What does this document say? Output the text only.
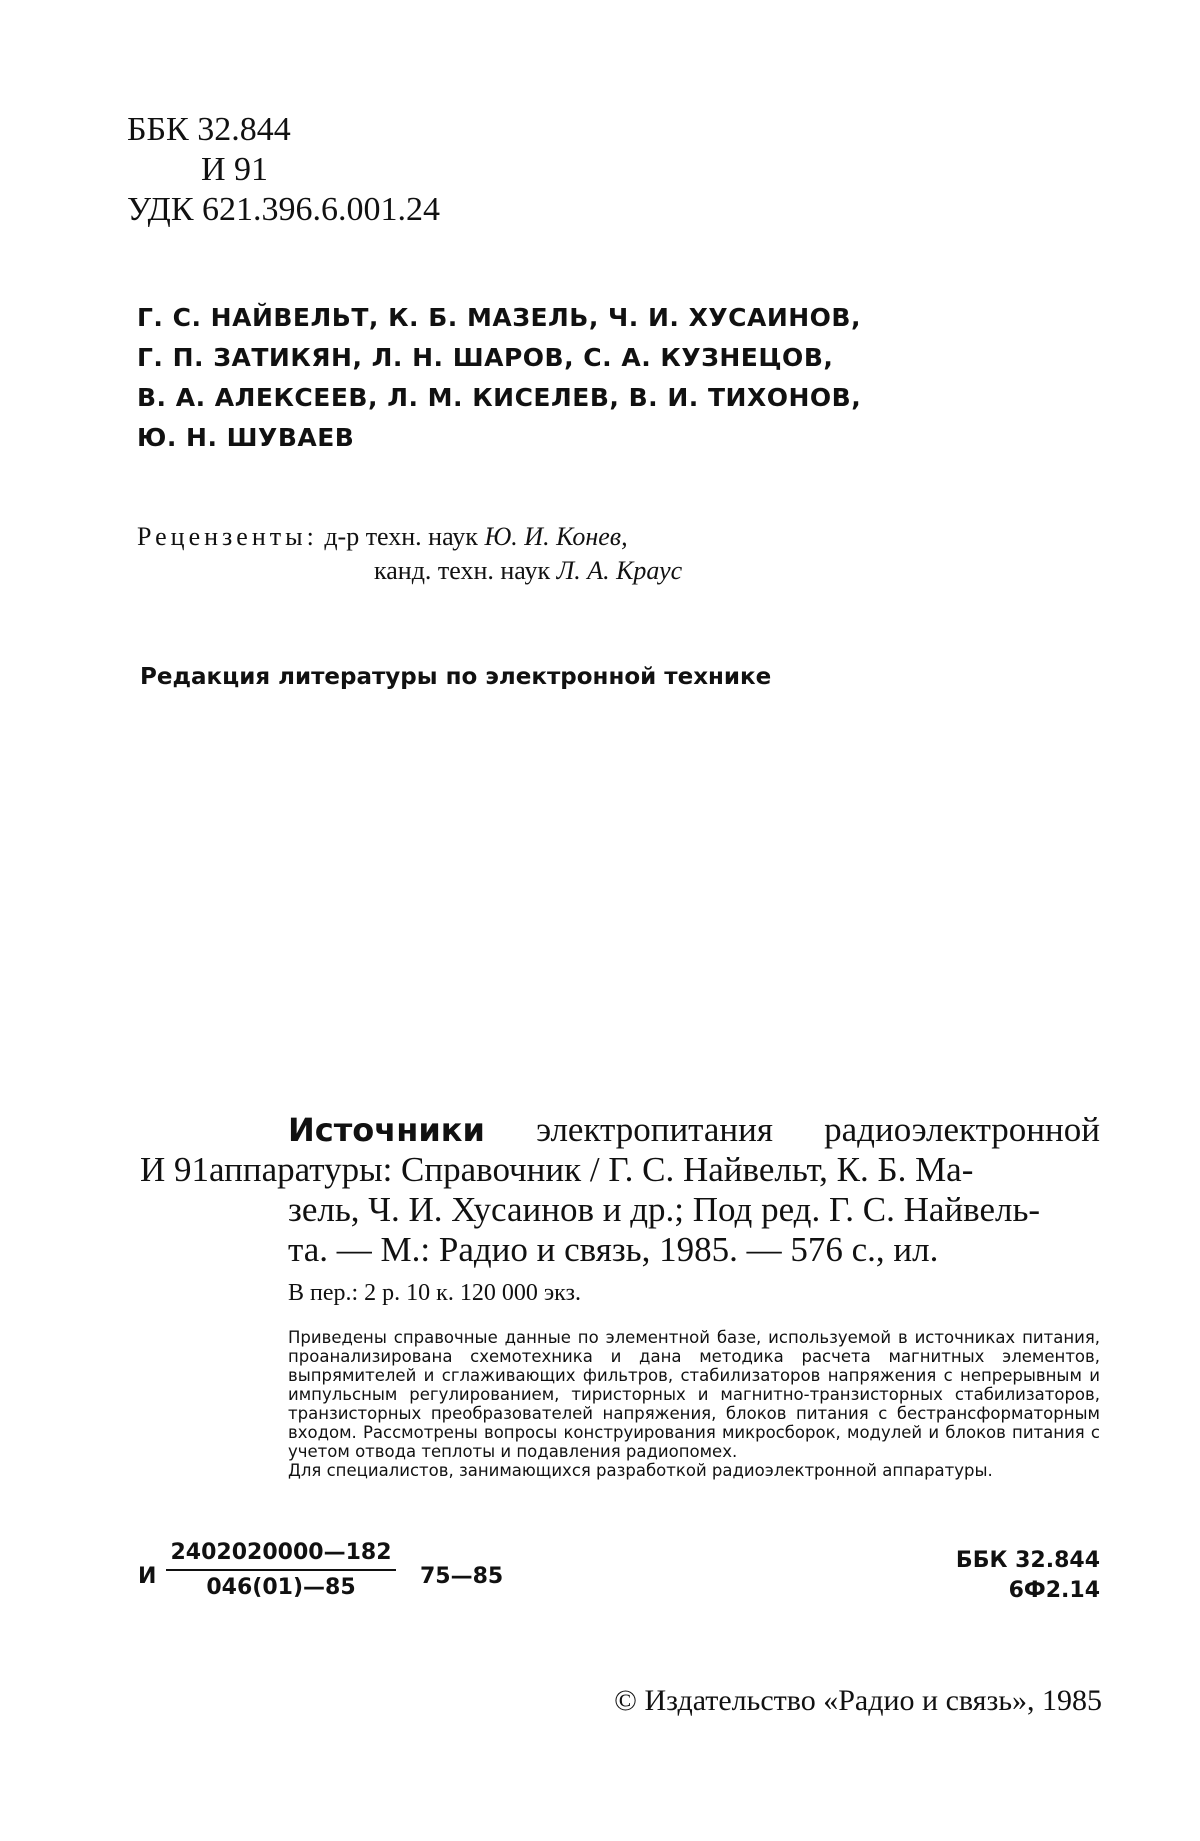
ББК 32.844
И 91
УДК 621.396.6.001.24
Г. С. НАЙВЕЛЬТ, К. Б. МАЗЕЛЬ, Ч. И. ХУСАИНОВ,
Г. П. ЗАТИКЯН, Л. Н. ШАРОВ, С. А. КУЗНЕЦОВ,
В. А. АЛЕКСЕЕВ, Л. М. КИСЕЛЕВ, В. И. ТИХОНОВ,
Ю. Н. ШУВАЕВ
Рецензенты: д-р техн. наук Ю. И. Конев,
канд. техн. наук Л. А. Краус
Редакция литературы по электронной технике
Источники электропитания радиоэлектронной
И 91аппаратуры: Справочник / Г. С. Найвельт, К. Б. Ма-
зель, Ч. И. Хусаинов и др.; Под ред. Г. С. Найвель-
та. — М.: Радио и связь, 1985. — 576 с., ил.
В пер.: 2 р. 10 к. 120 000 экз.

Приведены справочные данные по элементной базе, используемой в источниках питания, проанализирована схемотехника и дана методика расчета магнитных элементов, выпрямителей и сглаживающих фильтров, стабилизаторов напряжения с непрерывным и импульсным регулированием, тиристорных и магнитно-транзисторных стабилизаторов, транзисторных преобразователей напряжения, блоков питания с бестрансформаторным входом. Рассмотрены вопросы конструирования микросборок, модулей и блоков питания с учетом отвода теплоты и подавления радиопомех.

Для специалистов, занимающихся разработкой радиоэлектронной аппаратуры.

И $\frac{2402020000—182}{046(01)—85}$ 75—85
ББК 32.844
6Ф2.14
© Издательство «Радио и связь», 1985
